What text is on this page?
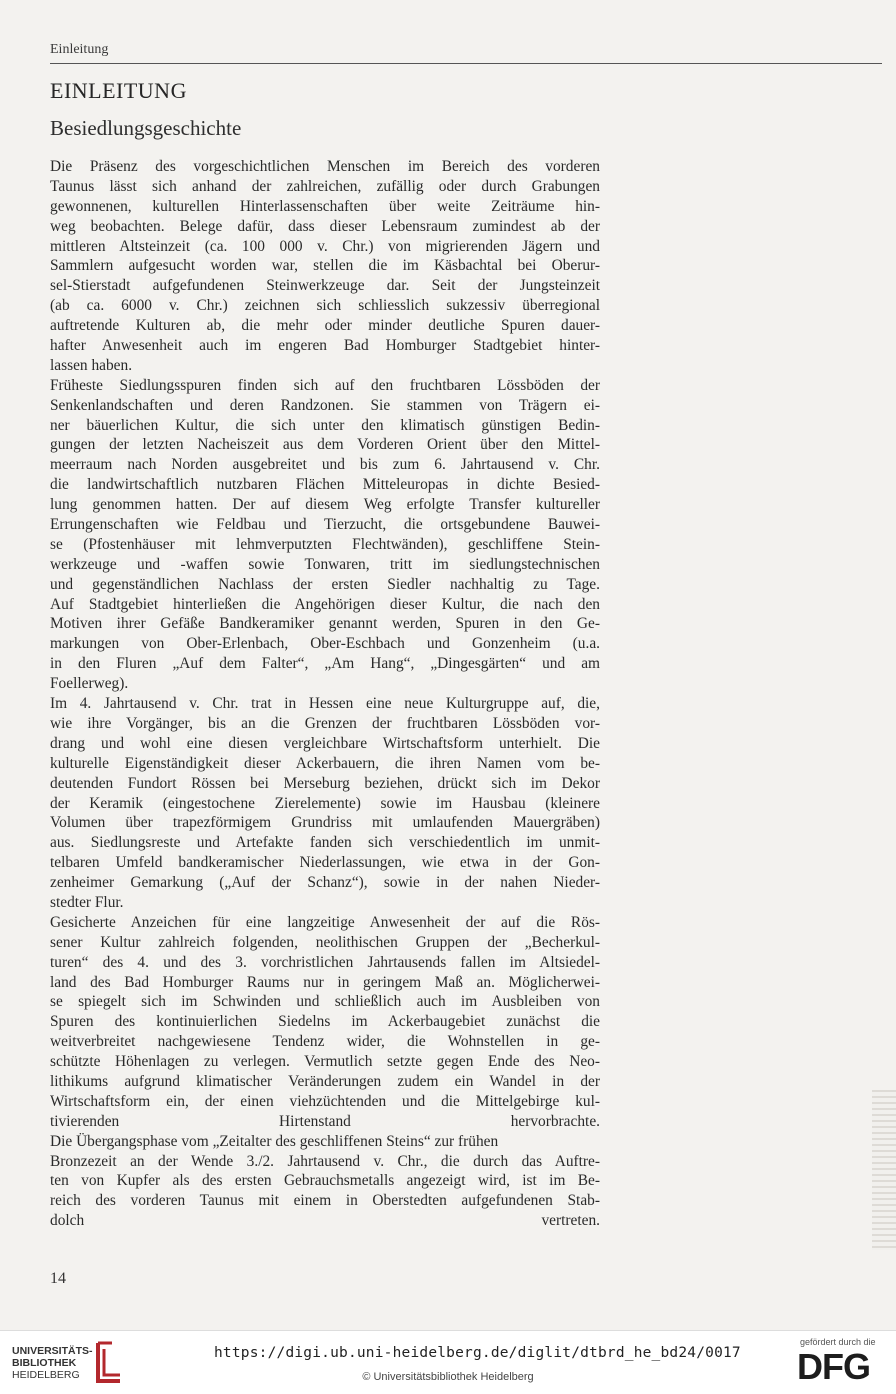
Einleitung
EINLEITUNG
Besiedlungsgeschichte
Die Präsenz des vorgeschichtlichen Menschen im Bereich des vorderen
Taunus lässt sich anhand der zahlreichen, zufällig oder durch Grabungen
gewonnenen, kulturellen Hinterlassenschaften über weite Zeiträume hin-
weg beobachten. Belege dafür, dass dieser Lebensraum zumindest ab der
mittleren Altsteinzeit (ca. 100 000 v. Chr.) von migrierenden Jägern und
Sammlern aufgesucht worden war, stellen die im Käsbachtal bei Oberur-
sel-Stierstadt aufgefundenen Steinwerkzeuge dar. Seit der Jungsteinzeit
(ab ca. 6000 v. Chr.) zeichnen sich schliesslich sukzessiv überregional
auftretende Kulturen ab, die mehr oder minder deutliche Spuren dauer-
hafter Anwesenheit auch im engeren Bad Homburger Stadtgebiet hinter-
lassen haben.
Früheste Siedlungsspuren finden sich auf den fruchtbaren Lössböden der
Senkenlandschaften und deren Randzonen. Sie stammen von Trägern ei-
ner bäuerlichen Kultur, die sich unter den klimatisch günstigen Bedin-
gungen der letzten Nacheiszeit aus dem Vorderen Orient über den Mittel-
meerraum nach Norden ausgebreitet und bis zum 6. Jahrtausend v. Chr.
die landwirtschaftlich nutzbaren Flächen Mitteleuropas in dichte Besied-
lung genommen hatten. Der auf diesem Weg erfolgte Transfer kultureller
Errungenschaften wie Feldbau und Tierzucht, die ortsgebundene Bauwei-
se (Pfostenhäuser mit lehmverputzten Flechtwänden), geschliffene Stein-
werkzeuge und -waffen sowie Tonwaren, tritt im siedlungstechnischen
und gegenständlichen Nachlass der ersten Siedler nachhaltig zu Tage.
Auf Stadtgebiet hinterließen die Angehörigen dieser Kultur, die nach den
Motiven ihrer Gefäße Bandkeramiker genannt werden, Spuren in den Ge-
markungen von Ober-Erlenbach, Ober-Eschbach und Gonzenheim (u.a.
in den Fluren „Auf dem Falter“, „Am Hang“, „Dingesgärten“ und am
Foellerweg).
Im 4. Jahrtausend v. Chr. trat in Hessen eine neue Kulturgruppe auf, die,
wie ihre Vorgänger, bis an die Grenzen der fruchtbaren Lössböden vor-
drang und wohl eine diesen vergleichbare Wirtschaftsform unterhielt. Die
kulturelle Eigenständigkeit dieser Ackerbauern, die ihren Namen vom be-
deutenden Fundort Rössen bei Merseburg beziehen, drückt sich im Dekor
der Keramik (eingestochene Zierelemente) sowie im Hausbau (kleinere
Volumen über trapezförmigem Grundriss mit umlaufenden Mauergräben)
aus. Siedlungsreste und Artefakte fanden sich verschiedentlich im unmit-
telbaren Umfeld bandkeramischer Niederlassungen, wie etwa in der Gon-
zenheimer Gemarkung („Auf der Schanz“), sowie in der nahen Nieder-
stedter Flur.
Gesicherte Anzeichen für eine langzeitige Anwesenheit der auf die Rös-
sener Kultur zahlreich folgenden, neolithischen Gruppen der „Becherkul-
turen“ des 4. und des 3. vorchristlichen Jahrtausends fallen im Altsiedel-
land des Bad Homburger Raums nur in geringem Maß an. Möglicherwei-
se spiegelt sich im Schwinden und schließlich auch im Ausbleiben von
Spuren des kontinuierlichen Siedelns im Ackerbaugebiet zunächst die
weitverbreitet nachgewiesene Tendenz wider, die Wohnstellen in ge-
schützte Höhenlagen zu verlegen. Vermutlich setzte gegen Ende des Neo-
lithikums aufgrund klimatischer Veränderungen zudem ein Wandel in der
Wirtschaftsform ein, der einen viehzüchtenden und die Mittelgebirge kul-
tivierenden Hirtenstand hervorbrachte.
Die Übergangsphase vom „Zeitalter des geschliffenen Steins“ zur frühen
Bronzezeit an der Wende 3./2. Jahrtausend v. Chr., die durch das Auftre-
ten von Kupfer als des ersten Gebrauchsmetalls angezeigt wird, ist im Be-
reich des vorderen Taunus mit einem in Oberstedten aufgefundenen Stab-
dolch vertreten.
14
UNIVERSITÄTS-
BIBLIOTHEK
HEIDELBERG
https://digi.ub.uni-heidelberg.de/diglit/dtbrd_he_bd24/0017
© Universitätsbibliothek Heidelberg
gefördert durch die
DFG
